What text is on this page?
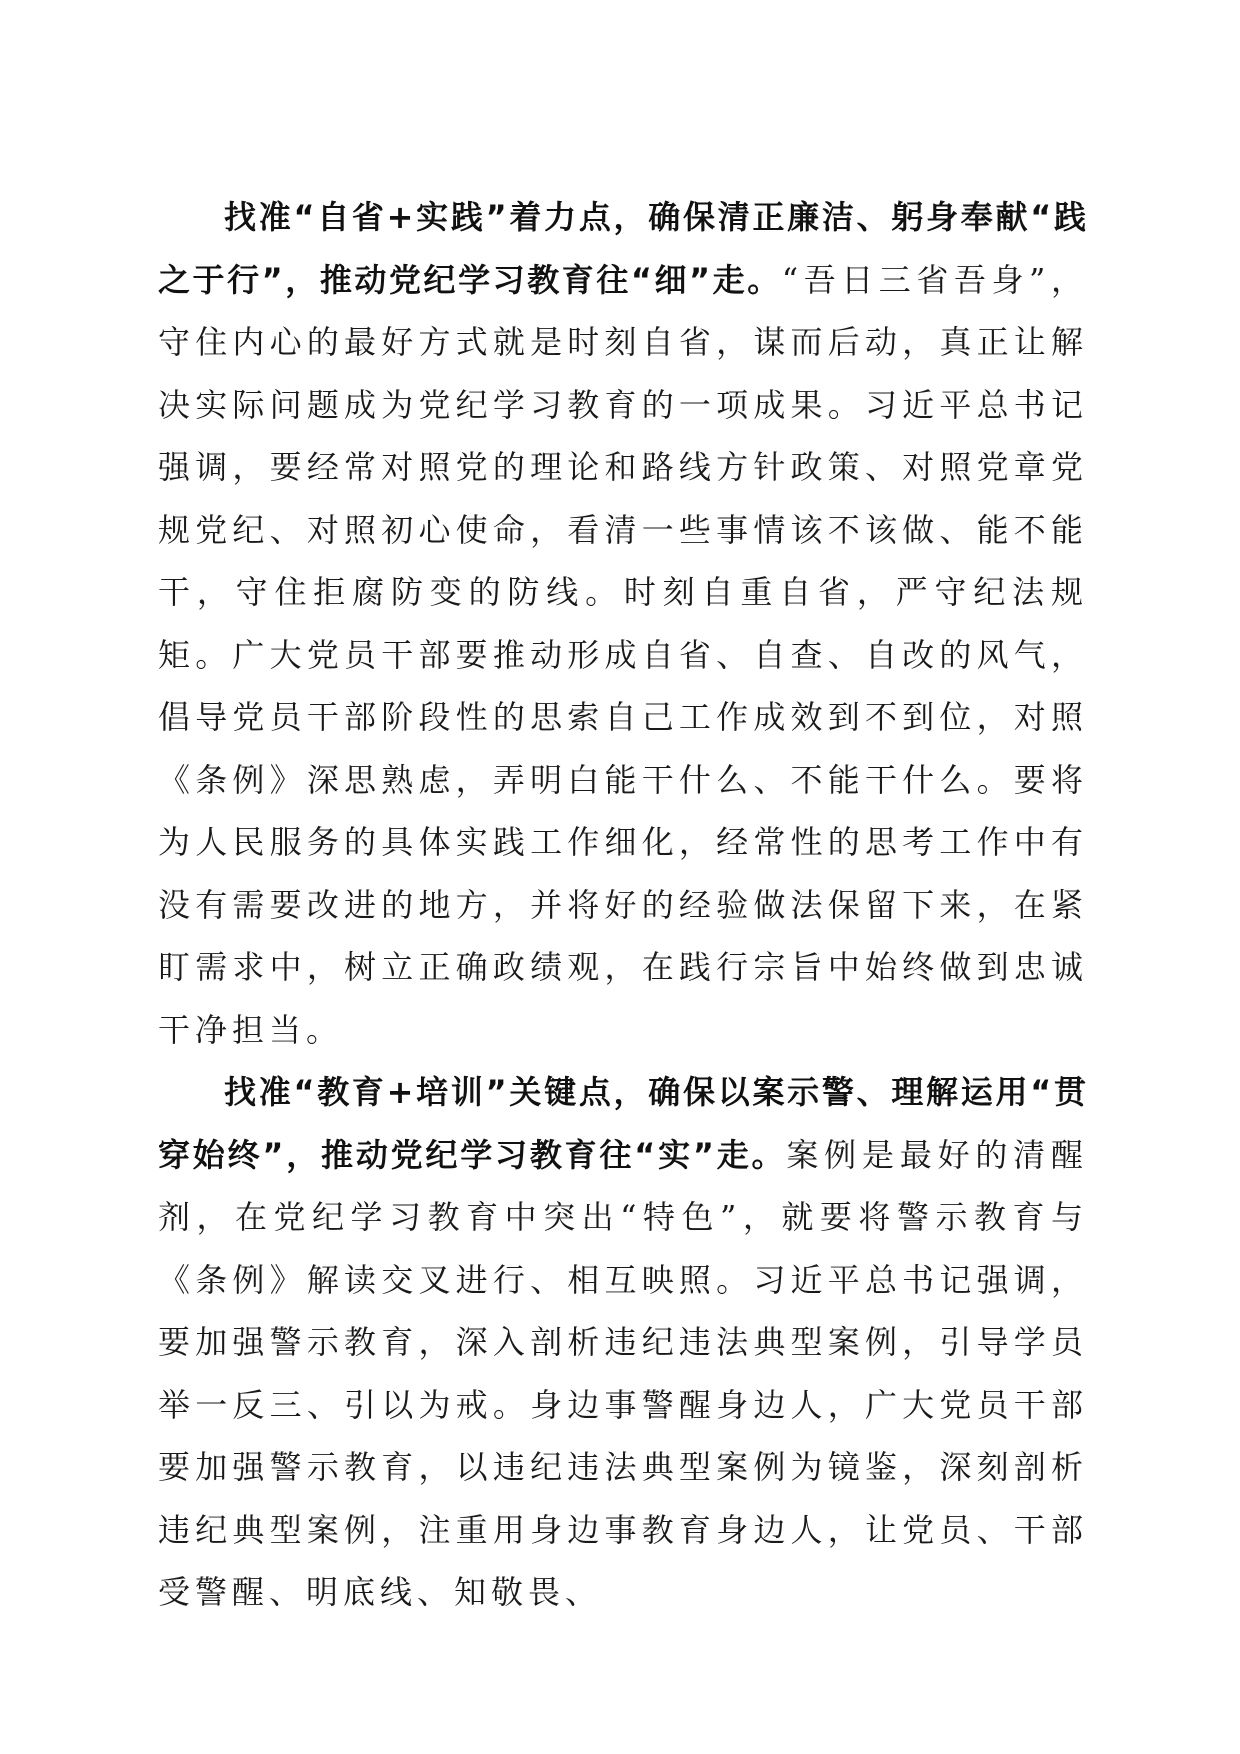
找准“自省+实践”着力点，确保清正廉洁、躬身奉献“践之于行”，推动党纪学习教育往“细”走。“吾日三省吾身”，守住内心的最好方式就是时刻自省，谋而后动，真正让解决实际问题成为党纪学习教育的一项成果。习近平总书记强调，要经常对照党的理论和路线方针政策、对照党章党规党纪、对照初心使命，看清一些事情该不该做、能不能干，守住拒腐防变的防线。时刻自重自省，严守纪法规矩。广大党员干部要推动形成自省、自查、自改的风气，倡导党员干部阶段性的思索自己工作成效到不到位，对照《条例》深思熟虑，弄明白能干什么、不能干什么。要将为人民服务的具体实践工作细化，经常性的思考工作中有没有需要改进的地方，并将好的经验做法保留下来，在紧盯需求中，树立正确政绩观，在践行宗旨中始终做到忠诚干净担当。

找准“教育+培训”关键点，确保以案示警、理解运用“贯穿始终”，推动党纪学习教育往“实”走。案例是最好的清醒剂，在党纪学习教育中突出“特色”，就要将警示教育与《条例》解读交叉进行、相互映照。习近平总书记强调，要加强警示教育，深入剖析违纪违法典型案例，引导学员举一反三、引以为戒。身边事警醒身边人，广大党员干部要加强警示教育，以违纪违法典型案例为镜鉴，深刻剖析违纪典型案例，注重用身边事教育身边人，让党员、干部受警醒、明底线、知敬畏、
